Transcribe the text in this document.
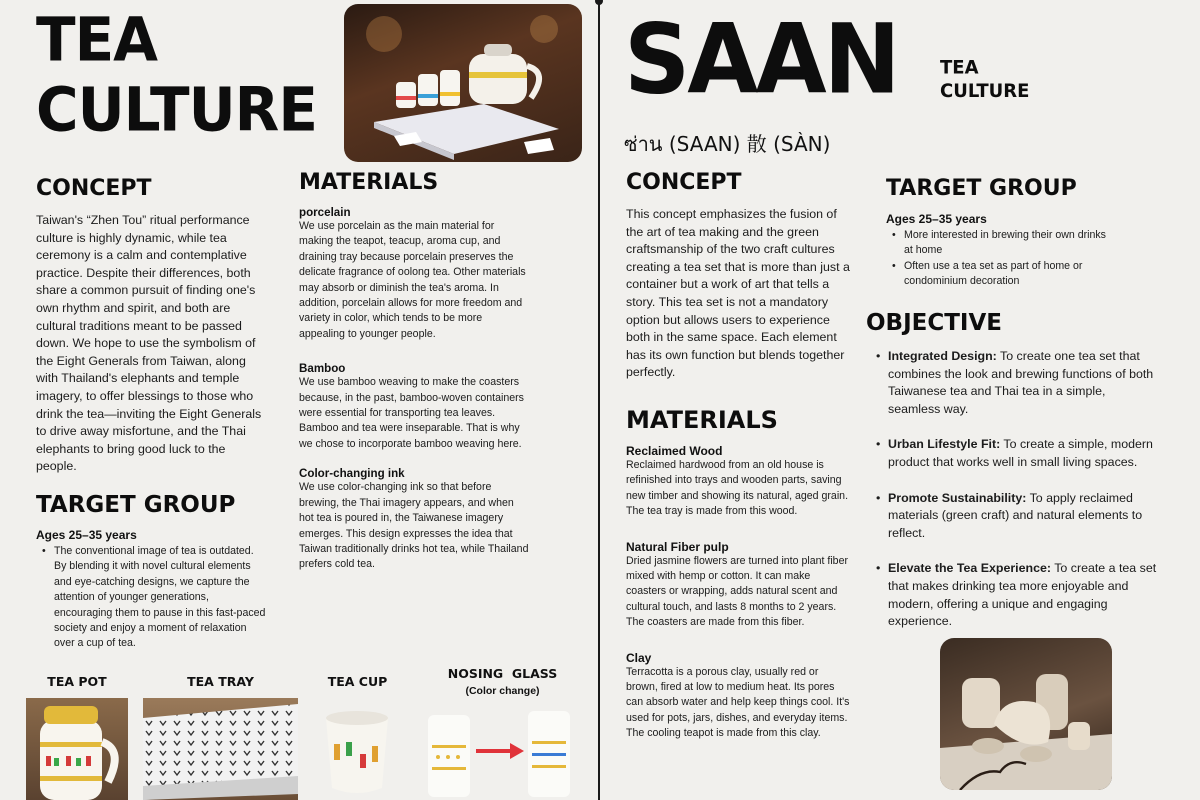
TEA
CULTURE
CONCEPT
Taiwan's “Zhen Tou” ritual performance culture is highly dynamic, while tea ceremony is a calm and contemplative practice. Despite their differences, both share a common pursuit of finding one's own rhythm and spirit, and both are cultural traditions meant to be passed down. We hope to use the symbolism of the Eight Generals from Taiwan, along with Thailand's elephants and temple imagery, to offer blessings to those who drink the tea—inviting the Eight Generals to drive away misfortune, and the Thai elephants to bring good luck to the people.
TARGET GROUP
Ages 25–35 years
• The conventional image of tea is outdated. By blending it with novel cultural elements and eye-catching designs, we capture the attention of younger generations, encouraging them to pause in this fast-paced society and enjoy a moment of relaxation over a cup of tea.
MATERIALS
porcelain
We use porcelain as the main material for making the teapot, teacup, aroma cup, and draining tray because porcelain preserves the delicate fragrance of oolong tea. Other materials may absorb or diminish the tea's aroma. In addition, porcelain allows for more freedom and variety in color, which tends to be more appealing to younger people.
Bamboo
We use bamboo weaving to make the coasters because, in the past, bamboo-woven containers were essential for transporting tea leaves. Bamboo and tea were inseparable. That is why we chose to incorporate bamboo weaving here.
Color-changing ink
We use color-changing ink so that before brewing, the Thai imagery appears, and when hot tea is poured in, the Taiwanese imagery emerges. This design expresses the idea that Taiwan traditionally drinks hot tea, while Thailand prefers cold tea.
TEA POT	TEA TRAY	TEA CUP
NOSING  GLASS
(Color change)
SAAN TEA
CULTURE
ซ่าน (SAAN) 散 (SÀN)
CONCEPT
This concept emphasizes the fusion of the art of tea making and the green craftsmanship of the two craft cultures creating a tea set that is more than just a container but a work of art that tells a story. This tea set is not a mandatory option but allows users to experience both in the same space. Each element has its own function but blends together perfectly.
MATERIALS
Reclaimed Wood
Reclaimed hardwood from an old house is refinished into trays and wooden parts, saving new timber and showing its natural, aged grain. The tea tray is made from this wood.
Natural Fiber pulp
Dried jasmine flowers are turned into plant fiber mixed with hemp or cotton. It can make coasters or wrapping, adds natural scent and cultural touch, and lasts 8 months to 2 years. The coasters are made from this fiber.
Clay
Terracotta is a porous clay, usually red or brown, fired at low to medium heat. Its pores can absorb water and help keep things cool. It's used for pots, jars, dishes, and everyday items. The cooling teapot is made from this clay.
TARGET GROUP
Ages 25–35 years
• More interested in brewing their own drinks at home
• Often use a tea set as part of home or condominium decoration
OBJECTIVE
• Integrated Design: To create one tea set that combines the look and brewing functions of both Taiwanese tea and Thai tea in a simple, seamless way.
• Urban Lifestyle Fit: To create a simple, modern product that works well in small living spaces.
• Promote Sustainability: To apply reclaimed materials (green craft) and natural elements to reflect.
• Elevate the Tea Experience: To create a tea set that makes drinking tea more enjoyable and modern, offering a unique and engaging experience.
